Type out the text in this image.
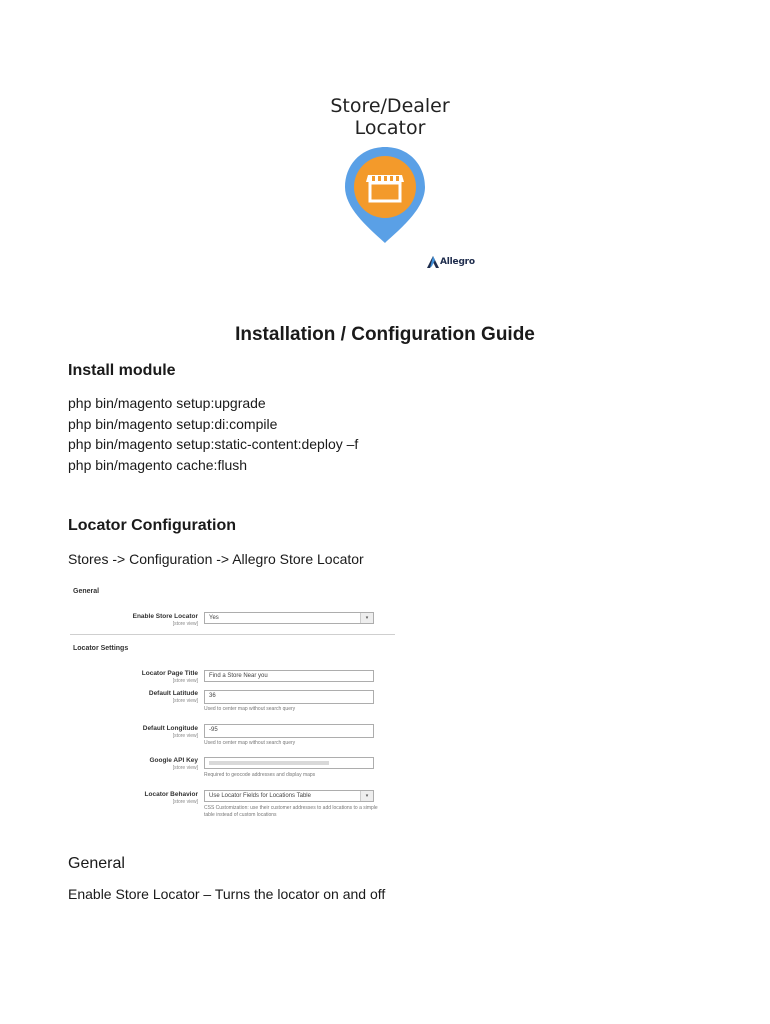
Store/Dealer
Locator
Allegro
Installation / Configuration Guide
Install module
php bin/magento setup:upgrade
php bin/magento setup:di:compile
php bin/magento setup:static-content:deploy –f
php bin/magento cache:flush
Locator Configuration
Stores -> Configuration -> Allegro Store Locator
General
Enable Store Locator
[store view]
Yes	▾
Locator Settings
Locator Page Title
[store view]
Find a Store Near you
Default Latitude
[store view]
36
Used to center map without search query
Default Longitude
[store view]
-95
Used to center map without search query
Google API Key
[store view]
Required to geocode addresses and display maps
Locator Behavior
[store view]
Use Locator Fields for Locations Table	▾
CSS Customization: use their customer addresses to add locations to a simple table instead of custom locations
General
Enable Store Locator – Turns the locator on and off
